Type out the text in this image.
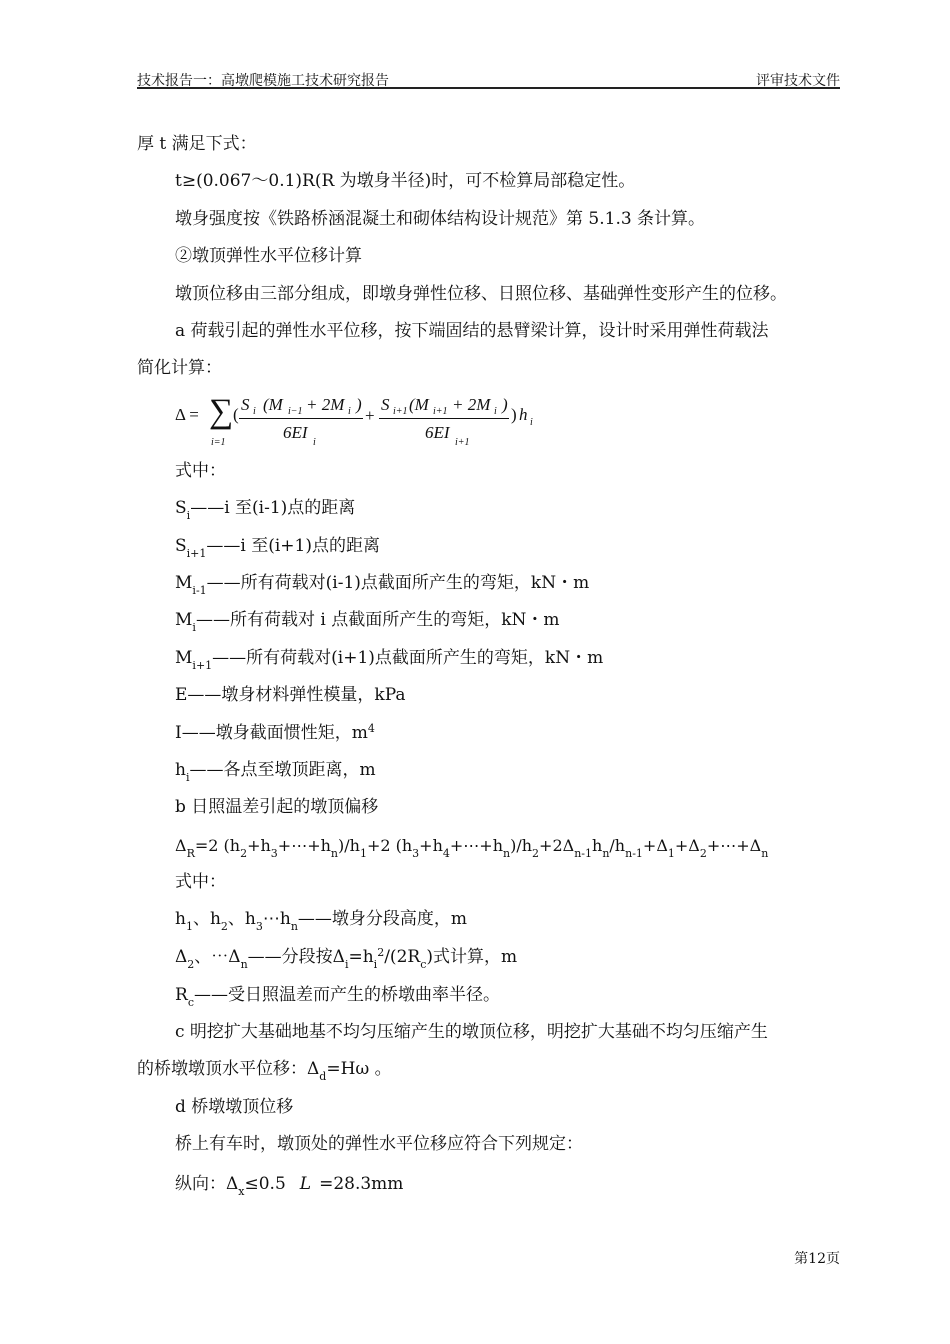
技术报告一：高墩爬模施工技术研究报告	评审技术文件
厚 t 满足下式：
t≥(0.067～0.1)R(R 为墩身半径)时，可不检算局部稳定性。
墩身强度按《铁路桥涵混凝土和砌体结构设计规范》第 5.1.3 条计算。
②墩顶弹性水平位移计算
墩顶位移由三部分组成，即墩身弹性位移、日照位移、基础弹性变形产生的位移。
a 荷载引起的弹性水平位移，按下端固结的悬臂梁计算，设计时采用弹性荷载法
简化计算：
Δ = ∑
i=1
(
S i (M i−1 + 2M i )
6EI
i
+
S i+1 (M i+1 + 2M i )
6EI
i+1
) h i
式中：
$S_i——i$ 至(i-1)点的距离
$S_{i+1}——i$ 至(i+1)点的距离
$M_{i-1}——$所有荷载对(i-1)点截面所产生的弯矩，kN・m
$M_i——$所有荷载对 i 点截面所产生的弯矩，kN・m
$M_{i+1}——$所有荷载对(i+1)点截面所产生的弯矩，kN・m
E——墩身材料弹性模量，kPa
I——墩身截面惯性矩，$m^4$
$h_i——$各点至墩顶距离，m
b 日照温差引起的墩顶偏移
$\Delta_R=2$ $(h_2+h_3+\cdots+h_n)/h_1+2$ $(h_3+h_4+\cdots+h_n)/h_2+2\Delta_{n-1}h_n/h_{n-1}+\Delta_1+\Delta_2+\cdots+\Delta_n$
式中：
$h_1$、$h_2$、$h_3\cdots h_n——$墩身分段高度，m
$\Delta_2$、$\cdots\Delta_n——$分段按$\Delta_i=h_i^2/(2R_c)$式计算，m
$R_c——$受日照温差而产生的桥墩曲率半径。
c 明挖扩大基础地基不均匀压缩产生的墩顶位移，明挖扩大基础不均匀压缩产生
的桥墩墩顶水平位移：$\Delta_d=H\omega$ 。
d 桥墩墩顶位移
桥上有车时，墩顶处的弹性水平位移应符合下列规定：
纵向：$\Delta_x\le 0.5$ L =28.3mm
第12页
